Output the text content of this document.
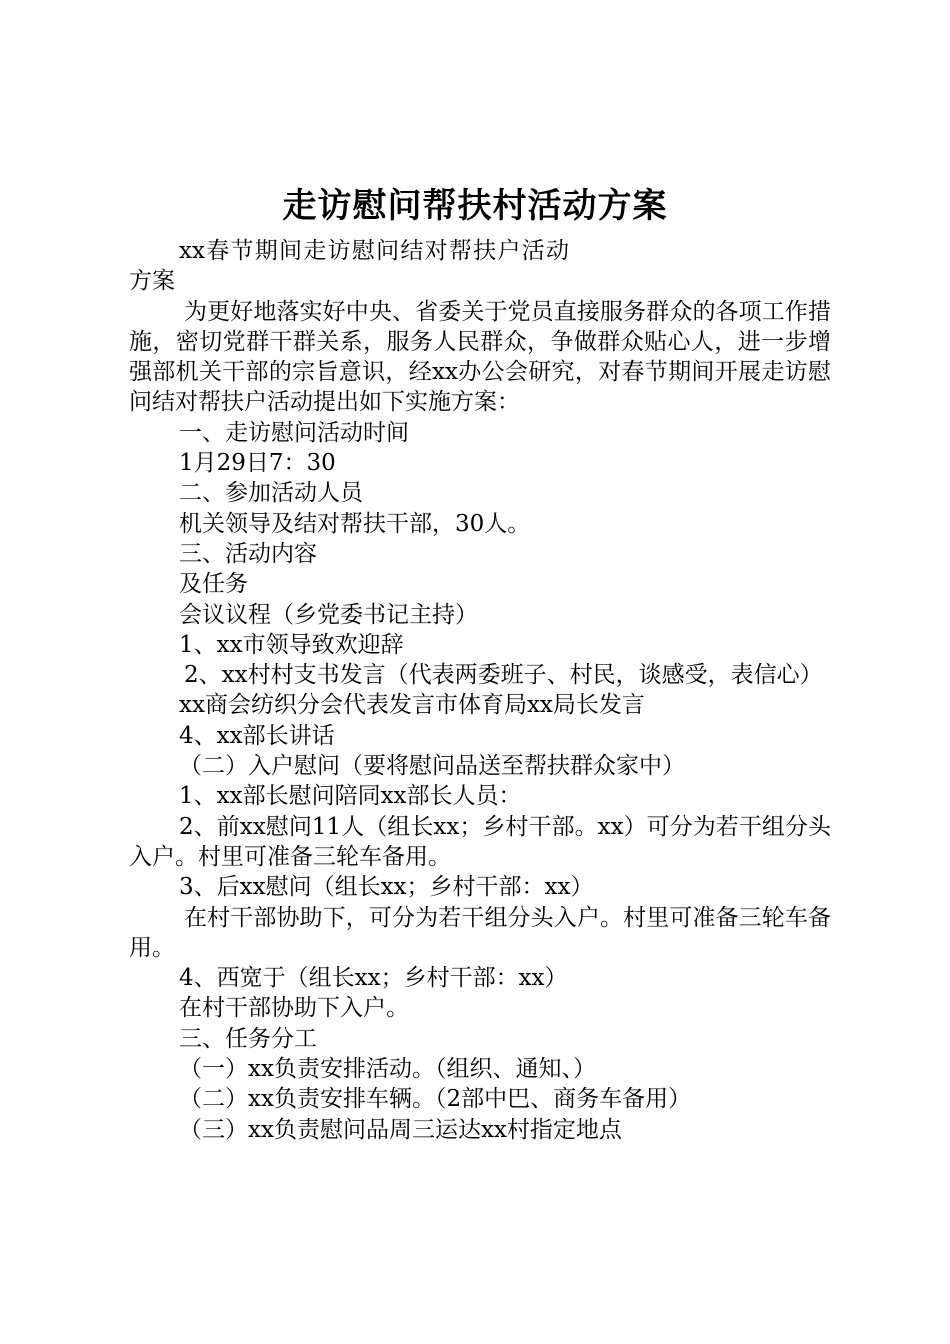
走访慰问帮扶村活动方案

xx春节期间走访慰问结对帮扶户活动方案

为更好地落实好中央、省委关于党员直接服务群众的各项工作措施，密切党群干群关系，服务人民群众，争做群众贴心人，进一步增强部机关干部的宗旨意识，经xx办公会研究，对春节期间开展走访慰问结对帮扶户活动提出如下实施方案：

一、走访慰问活动时间

1月29日7：30

二、参加活动人员

机关领导及结对帮扶干部，30人。

三、活动内容

及任务

会议议程（乡党委书记主持）

1、xx市领导致欢迎辞

2、xx村村支书发言（代表两委班子、村民，谈感受，表信心）

xx商会纺织分会代表发言市体育局xx局长发言

4、xx部长讲话

（二）入户慰问（要将慰问品送至帮扶群众家中）

1、xx部长慰问陪同xx部长人员：

2、前xx慰问11人（组长xx；乡村干部。xx）可分为若干组分头入户。村里可准备三轮车备用。

3、后xx慰问（组长xx；乡村干部：xx）

在村干部协助下，可分为若干组分头入户。村里可准备三轮车备用。

4、西宽于（组长xx；乡村干部：xx）

在村干部协助下入户。

三、任务分工

（一）xx负责安排活动。（组织、通知、）

（二）xx负责安排车辆。（2部中巴、商务车备用）

（三）xx负责慰问品周三运达xx村指定地点
